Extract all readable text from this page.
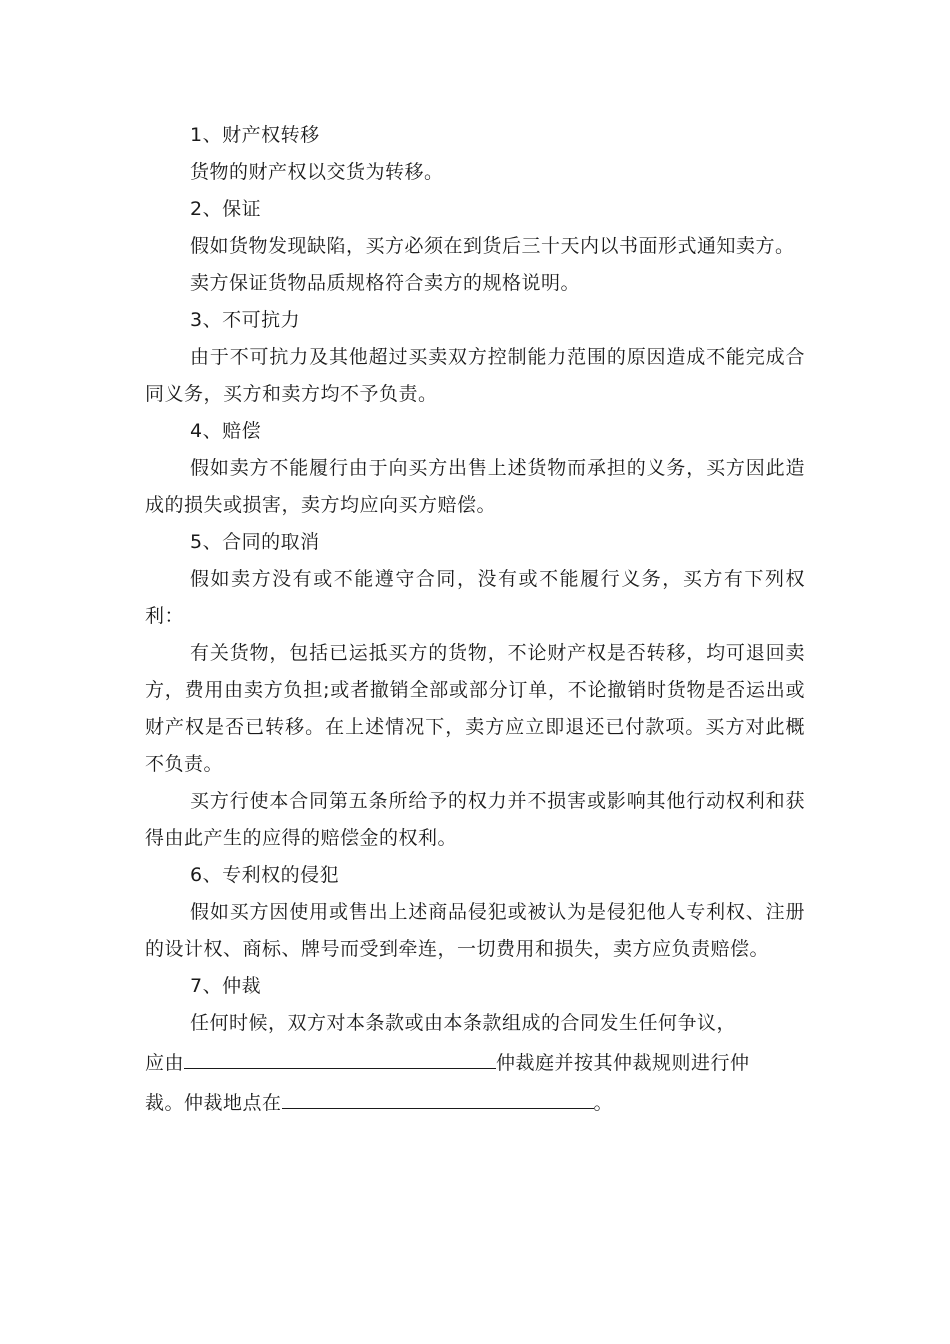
1、财产权转移

货物的财产权以交货为转移。

2、保证

假如货物发现缺陷，买方必须在到货后三十天内以书面形式通知卖方。

卖方保证货物品质规格符合卖方的规格说明。

3、不可抗力

由于不可抗力及其他超过买卖双方控制能力范围的原因造成不能完成合同义务，买方和卖方均不予负责。

4、赔偿

假如卖方不能履行由于向买方出售上述货物而承担的义务，买方因此造成的损失或损害，卖方均应向买方赔偿。

5、合同的取消

假如卖方没有或不能遵守合同，没有或不能履行义务，买方有下列权利：

有关货物，包括已运抵买方的货物，不论财产权是否转移，均可退回卖方，费用由卖方负担;或者撤销全部或部分订单，不论撤销时货物是否运出或财产权是否已转移。在上述情况下，卖方应立即退还已付款项。买方对此概不负责。

买方行使本合同第五条所给予的权力并不损害或影响其他行动权利和获得由此产生的应得的赔偿金的权利。

6、专利权的侵犯

假如买方因使用或售出上述商品侵犯或被认为是侵犯他人专利权、注册的设计权、商标、牌号而受到牵连，一切费用和损失，卖方应负责赔偿。

7、仲裁

任何时候，双方对本条款或由本条款组成的合同发生任何争议，
应由	仲裁庭并按其仲裁规则进行仲
裁。仲裁地点在	。
